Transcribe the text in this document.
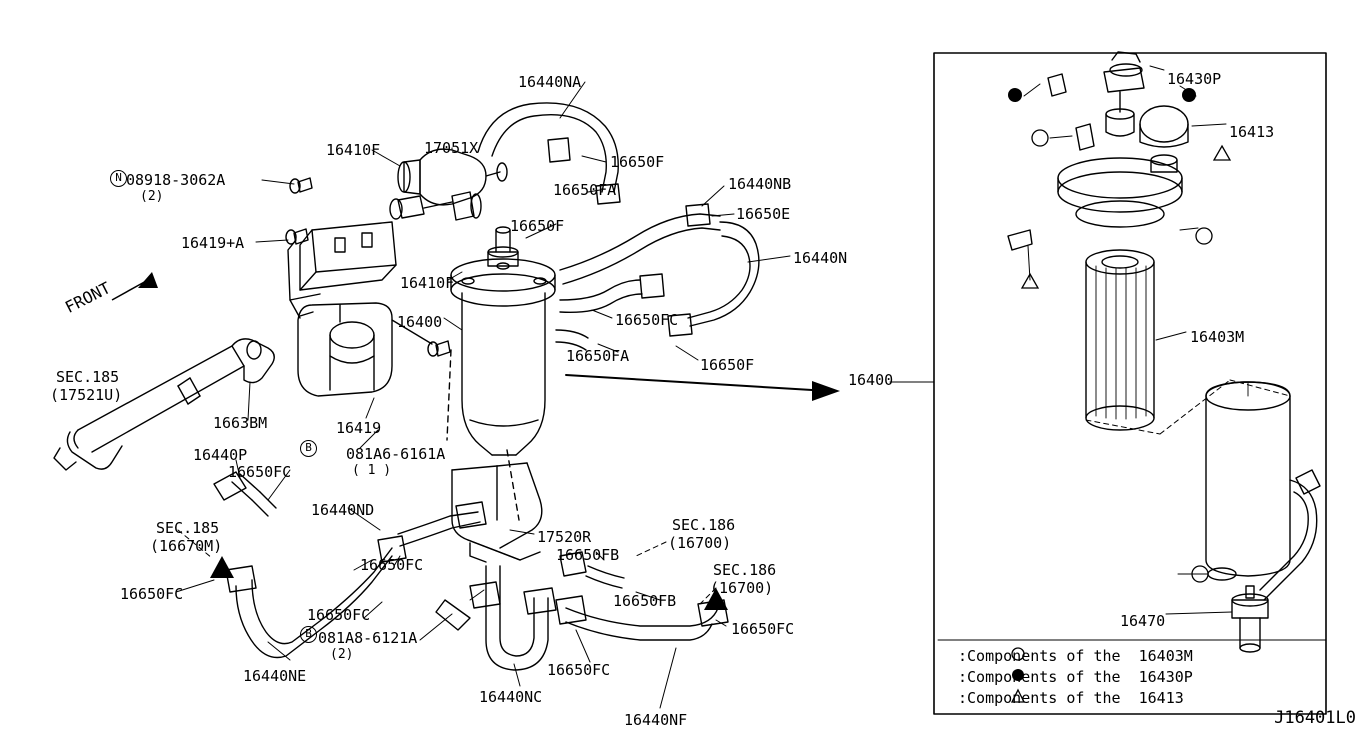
N
B
B
16440NA
16410F	17051X
16650F
08918-3062A
(2)	16650FA	16440NB
16650E
16650F
16419+A
16440N
16410F
16400	16650FC
16650FA	16650F
SEC.185
(17521U)
1663BM	16419
081A6-6161A
( 1 )
16440P
16650FC
16440ND
17520R
SEC.186
(16700)
SEC.185
(16670M)	16650FB
SEC.186
(16700)
16650FC
16650FC
16650FB
16650FC
081A8-6121A
(2)
16650FC
16440NE	16650FC
16440NC
16440NF
16430P
16413
16403M
16470
16400
FRONT

:Components of the  16403M

:Components of the  16430P

:Components of the  16413
J16401L0
